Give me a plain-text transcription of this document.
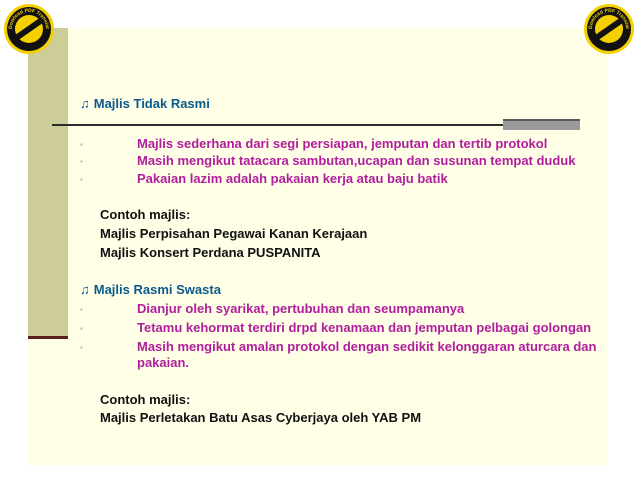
Dowload PDF Translat	Dowload PDF Translat
♫ Majlis Tidak Rasmi
▪	Majlis sederhana dari segi persiapan, jemputan dan tertib protokol
▪	Masih mengikut tatacara sambutan,ucapan dan susunan tempat duduk
▪	Pakaian lazim adalah pakaian kerja atau baju batik
Contoh majlis:
Majlis Perpisahan Pegawai Kanan Kerajaan
Majlis Konsert Perdana PUSPANITA
♫ Majlis Rasmi Swasta
▪	Dianjur oleh syarikat, pertubuhan dan seumpamanya
▪	Tetamu kehormat terdiri drpd kenamaan dan jemputan pelbagai golongan
▪	Masih mengikut amalan protokol dengan sedikit kelonggaran aturcara dan pakaian.
Contoh majlis:
Majlis Perletakan Batu Asas Cyberjaya oleh YAB PM
